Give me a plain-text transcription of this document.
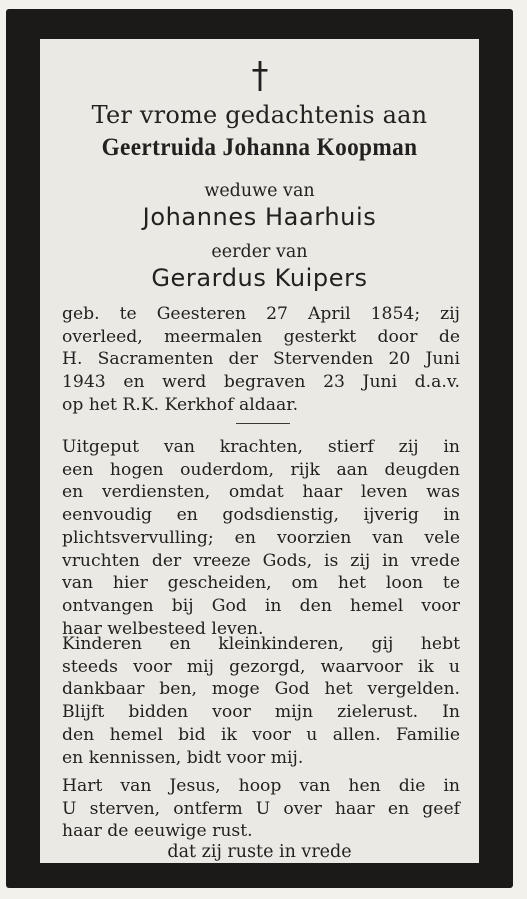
Ter vrome gedachtenis aan
Geertruida Johanna Koopman
weduwe van
Johannes Haarhuis
eerder van
Gerardus Kuipers
geb. te Geesteren 27 April 1854; zij
overleed, meermalen gesterkt door de
H. Sacramenten der Stervenden 20 Juni
1943 en werd begraven 23 Juni d.a.v.
op het R.K. Kerkhof aldaar.
Uitgeput van krachten, stierf zij in
een hogen ouderdom, rijk aan deugden
en verdiensten, omdat haar leven was
eenvoudig en godsdienstig, ijverig in
plichtsvervulling; en voorzien van vele
vruchten der vreeze Gods, is zij in vrede
van hier gescheiden, om het loon te
ontvangen bij God in den hemel voor
haar welbesteed leven.
Kinderen en kleinkinderen, gij hebt
steeds voor mij gezorgd, waarvoor ik u
dankbaar ben, moge God het vergelden.
Blijft bidden voor mijn zielerust. In
den hemel bid ik voor u allen. Familie
en kennissen, bidt voor mij.
Hart van Jesus, hoop van hen die in
U sterven, ontferm U over haar en geef
haar de eeuwige rust.
dat zij ruste in vrede
